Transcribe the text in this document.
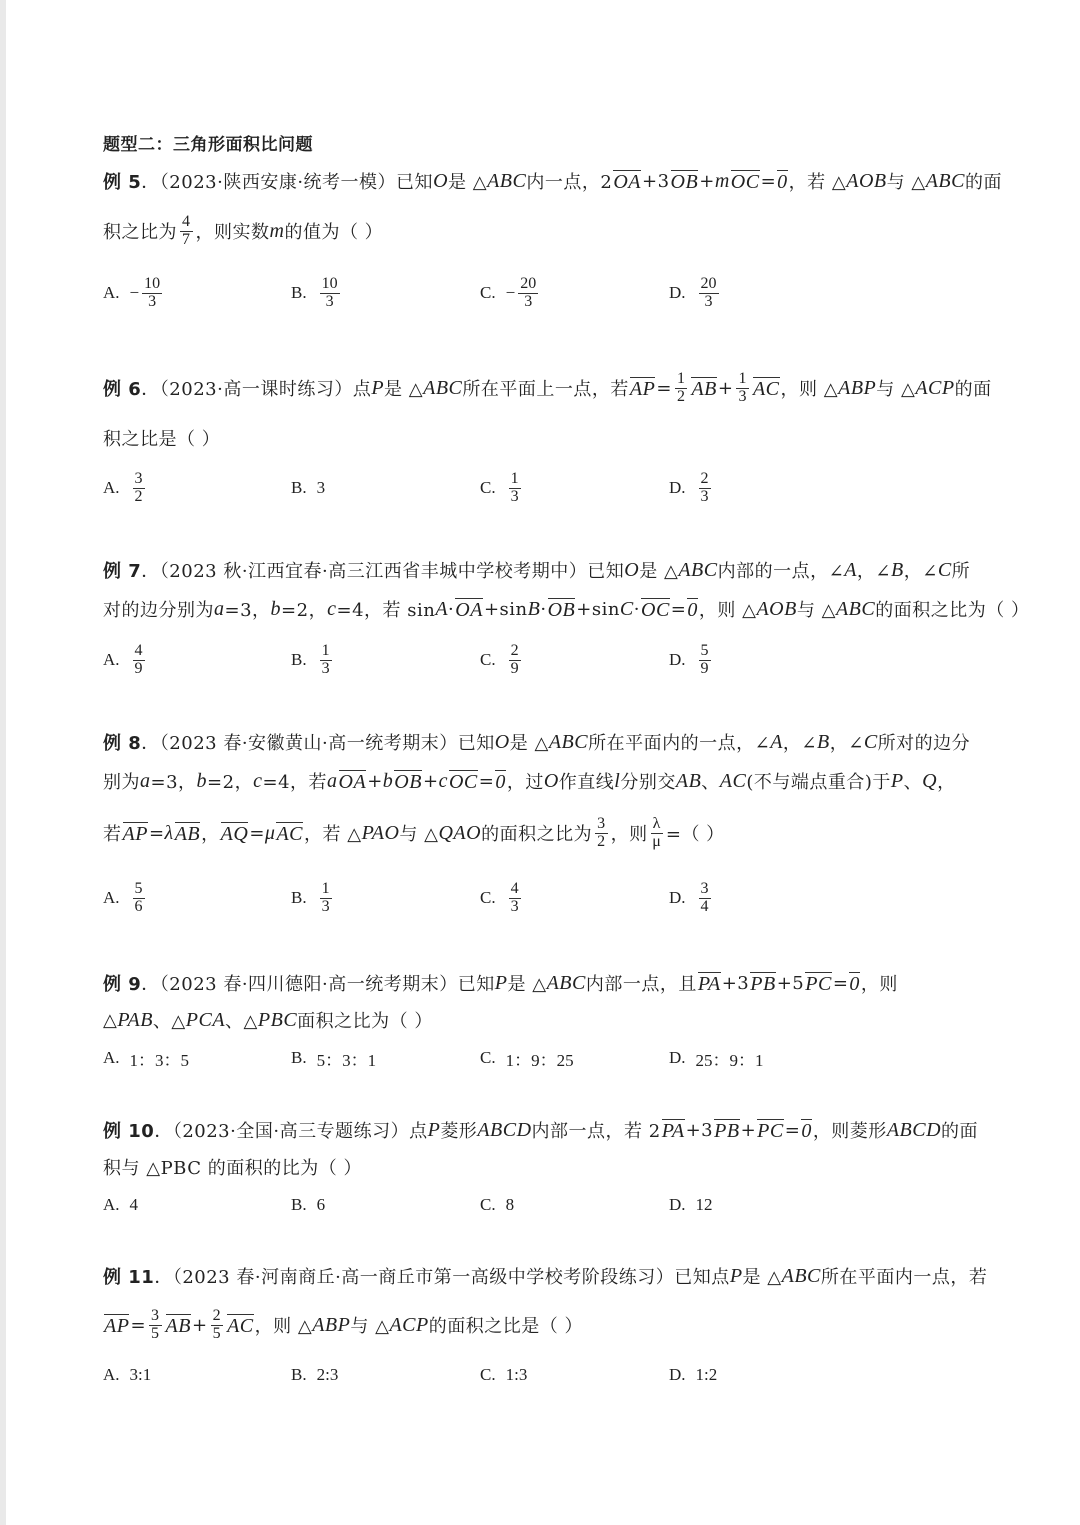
题型二：三角形面积比问题
例 5 ．（2023·陕西安康·统考一模）已知 O 是 △ ABC 内一点，2 OA +3 OB + m OC = 0 ，若 △ AOB 与 △ ABC 的面
积之比为 $\frac{4}{7}$ ，则实数 m 的值为（ ）
A. − $\frac{10}{3}$	B. $\frac{10}{3}$	C. − $\frac{20}{3}$	D. $\frac{20}{3}$
例 6 ．（2023·高一课时练习）点 P 是 △ ABC 所在平面上一点，若 AP = $\frac{1}{2}$ AB + $\frac{1}{3}$ AC ，则 △ ABP 与 △ ACP 的面
积之比是（ ）
A. $\frac{3}{2}$	B. 3	C. $\frac{1}{3}$	D. $\frac{2}{3}$
例 7 ．（2023 秋·江西宜春·高三江西省丰城中学校考期中）已知 O 是 △ ABC 内部的一点，∠ A ，∠ B ，∠ C 所
对的边分别为 a =3， b =2， c =4，若 sin A · OA +sin B · OB +sin C · OC = 0 ，则 △ AOB 与 △ ABC 的面积之比为（ ）
A. $\frac{4}{9}$	B. $\frac{1}{3}$	C. $\frac{2}{9}$	D. $\frac{5}{9}$
例 8 ．（2023 春·安徽黄山·高一统考期末）已知 O 是 △ ABC 所在平面内的一点，∠ A ，∠ B ，∠ C 所对的边分
别为 a =3， b =2， c =4，若 a OA + b OB + c OC = 0 ，过 O 作直线 l 分别交 AB 、 AC (不与端点重合)于 P 、 Q ，
若 AP = λ AB ， AQ = μ AC ，若 △ PAO 与 △ QAO 的面积之比为 $\frac{3}{2}$ ，则 $\frac{\lambda}{\mu}$ =（ ）
A. $\frac{5}{6}$	B. $\frac{1}{3}$	C. $\frac{4}{3}$	D. $\frac{3}{4}$
例 9 ．（2023 春·四川德阳·高一统考期末）已知 P 是 △ ABC 内部一点，且 PA +3 PB +5 PC = 0 ，则
△ PAB 、△ PCA 、△ PBC 面积之比为（ ）
A. 1：3：5	B. 5：3：1	C. 1：9：25	D. 25：9：1
例 10 ．（2023·全国·高三专题练习）点 P 菱形 ABCD 内部一点，若 2 PA +3 PB + PC = 0 ，则菱形 ABCD 的面
积与 △PBC 的面积的比为（ ）
A. 4	B. 6	C. 8	D. 12
例 11 ．（2023 春·河南商丘·高一商丘市第一高级中学校考阶段练习）已知点 P 是 △ ABC 所在平面内一点，若
AP = $\frac{3}{5}$ AB + $\frac{2}{5}$ AC ，则 △ ABP 与 △ ACP 的面积之比是（ ）
A. 3:1	B. 2:3	C. 1:3	D. 1:2
